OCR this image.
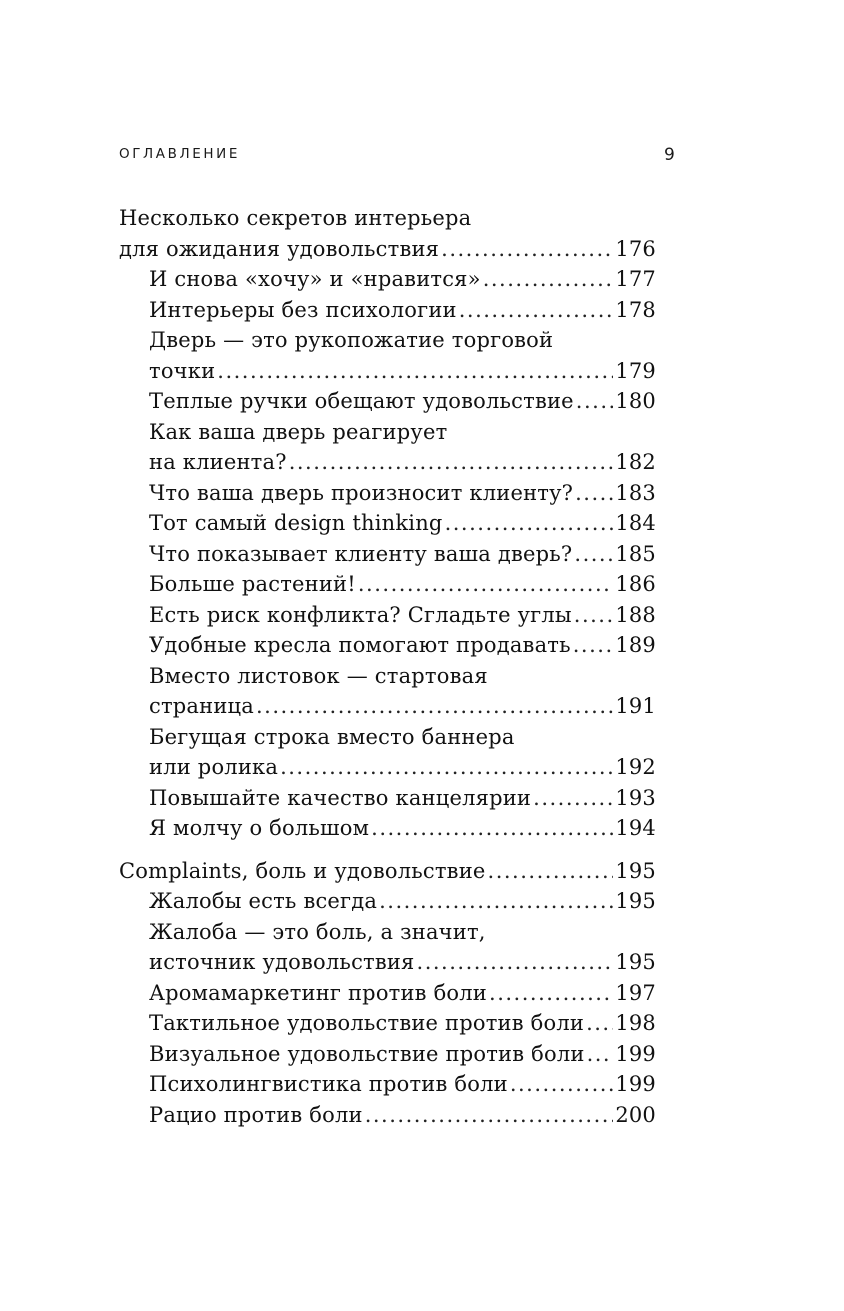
ОГЛАВЛЕНИЕ	9
Несколько секретов интерьера
для ожидания удовольствия .....	176
И снова «хочу» и «нравится» .....	177
Интерьеры без психологии .....	178
Дверь — это рукопожатие торговой
точки .....	179
Теплые ручки обещают удовольствие ..... 180
Как ваша дверь реагирует
на клиента? .....	182
Что ваша дверь произносит клиенту? ..... 183
Тот самый design thinking .....	184
Что показывает клиенту ваша дверь? ..... 185
Больше растений! .....	186
Есть риск конфликта? Сгладьте углы ..... 188
Удобные кресла помогают продавать ..... 189
Вместо листовок — стартовая
страница .....	191
Бегущая строка вместо баннера
или ролика .....	192
Повышайте качество канцелярии .....	193
Я молчу о большом .....	194
Complaints, боль и удовольствие .....	195
Жалобы есть всегда .....	195
Жалоба — это боль, а значит,
источник удовольствия .....	195
Аромамаркетинг против боли .....	197
Тактильное удовольствие против боли ..... 198
Визуальное удовольствие против боли ..... 199
Психолингвистика против боли .....	199
Рацио против боли .....	200
